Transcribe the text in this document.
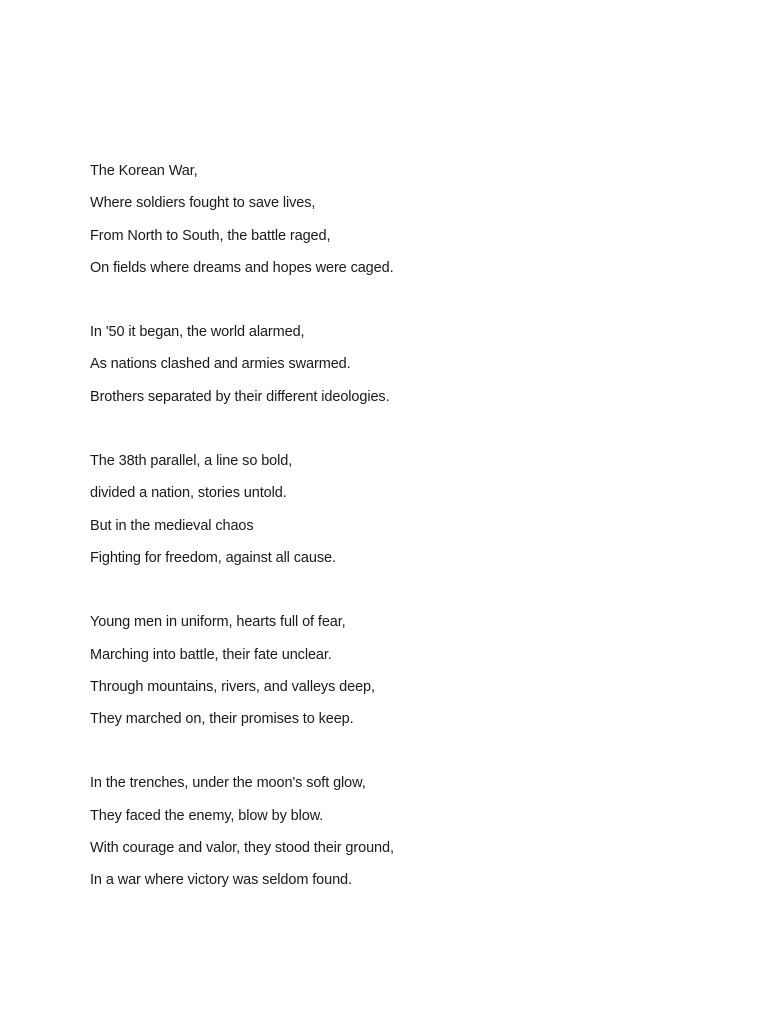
The Korean War,
Where soldiers fought to save lives,
From North to South, the battle raged,
On fields where dreams and hopes were caged.
In '50 it began, the world alarmed,
As nations clashed and armies swarmed.
Brothers separated by their different ideologies.
The 38th parallel, a line so bold,
divided a nation, stories untold.
But in the medieval chaos
Fighting for freedom, against all cause.
Young men in uniform, hearts full of fear,
Marching into battle, their fate unclear.
Through mountains, rivers, and valleys deep,
They marched on, their promises to keep.
In the trenches, under the moon's soft glow,
They faced the enemy, blow by blow.
With courage and valor, they stood their ground,
In a war where victory was seldom found.
